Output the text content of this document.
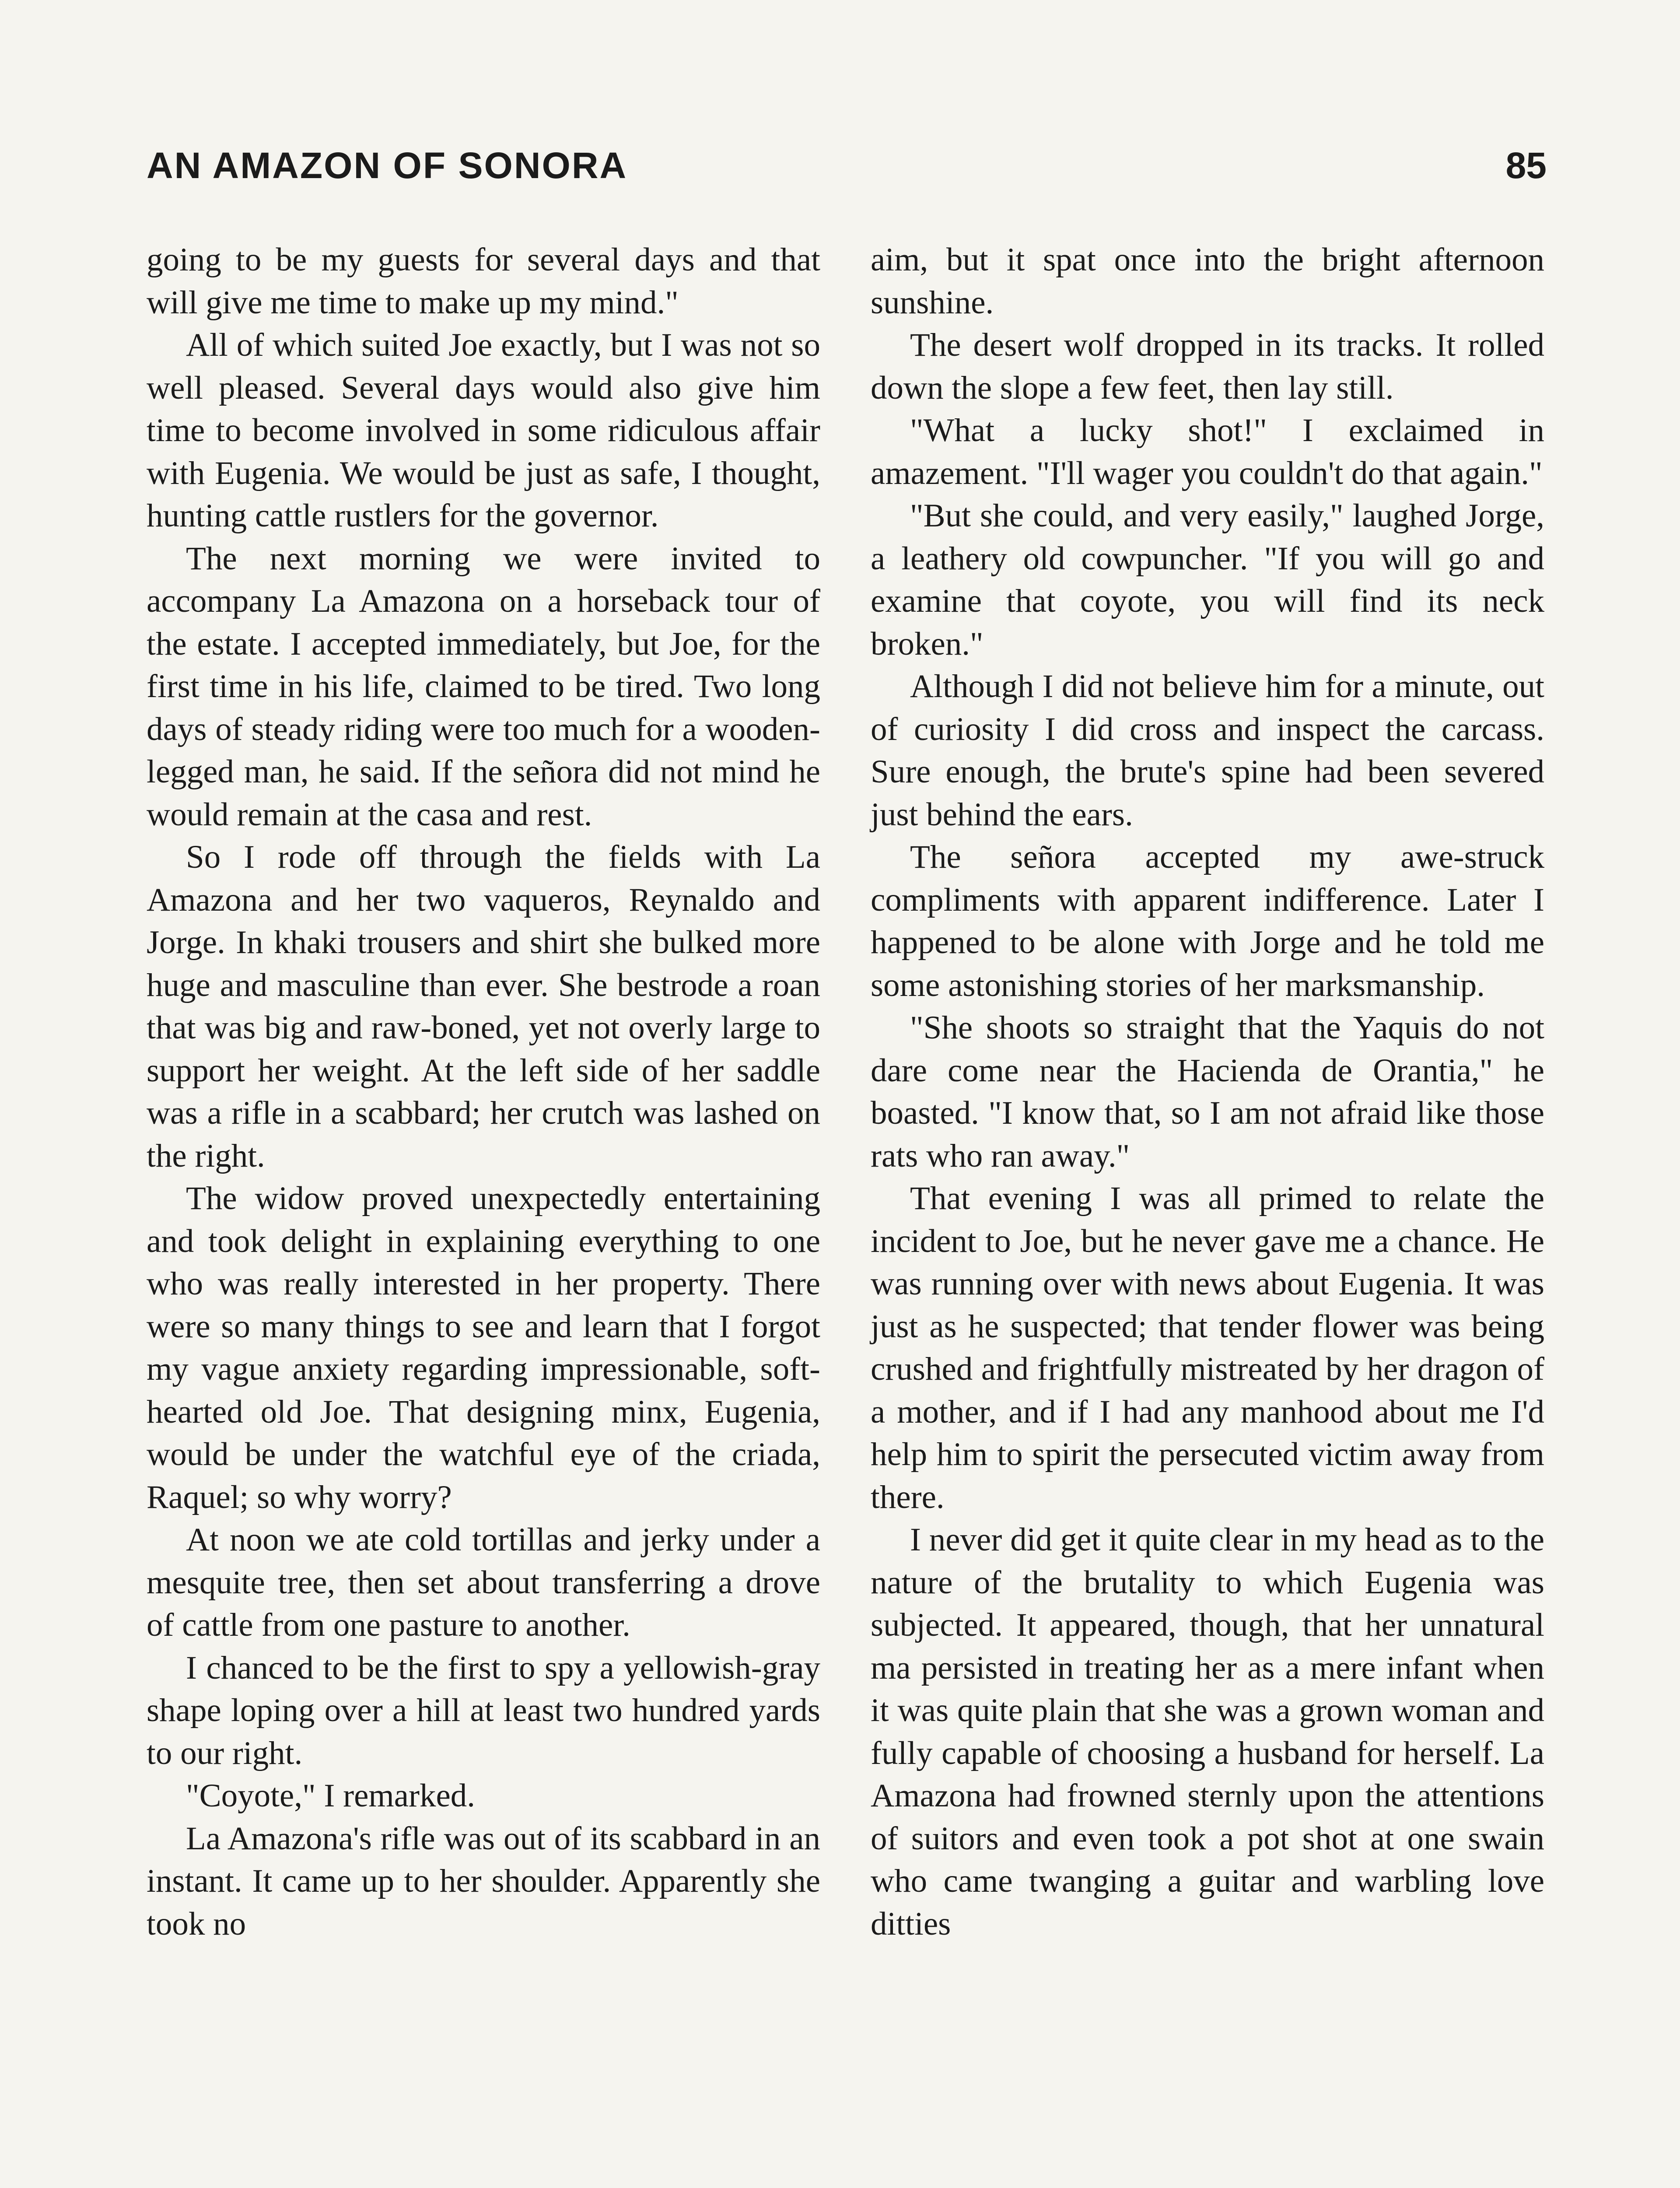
AN AMAZON OF SONORA	85

going to be my guests for several days and that will give me time to make up my mind."

All of which suited Joe exactly, but I was not so well pleased. Several days would also give him time to become involved in some ridiculous affair with Eugenia. We would be just as safe, I thought, hunting cattle rustlers for the governor.

The next morning we were invited to accompany La Amazona on a horseback tour of the estate. I accepted immediately, but Joe, for the first time in his life, claimed to be tired. Two long days of steady riding were too much for a wooden-legged man, he said. If the señora did not mind he would remain at the casa and rest.

So I rode off through the fields with La Amazona and her two vaqueros, Reynaldo and Jorge. In khaki trousers and shirt she bulked more huge and masculine than ever. She bestrode a roan that was big and raw-boned, yet not overly large to support her weight. At the left side of her saddle was a rifle in a scabbard; her crutch was lashed on the right.

The widow proved unexpectedly entertaining and took delight in explaining everything to one who was really interested in her property. There were so many things to see and learn that I forgot my vague anxiety regarding impressionable, soft-hearted old Joe. That designing minx, Eugenia, would be under the watchful eye of the criada, Raquel; so why worry?

At noon we ate cold tortillas and jerky under a mesquite tree, then set about transferring a drove of cattle from one pasture to another.

I chanced to be the first to spy a yellowish-gray shape loping over a hill at least two hundred yards to our right.

"Coyote," I remarked.

La Amazona's rifle was out of its scabbard in an instant. It came up to her shoulder. Apparently she took no

aim, but it spat once into the bright afternoon sunshine.

The desert wolf dropped in its tracks. It rolled down the slope a few feet, then lay still.

"What a lucky shot!" I exclaimed in amazement. "I'll wager you couldn't do that again."

"But she could, and very easily," laughed Jorge, a leathery old cowpuncher. "If you will go and examine that coyote, you will find its neck broken."

Although I did not believe him for a minute, out of curiosity I did cross and inspect the carcass. Sure enough, the brute's spine had been severed just behind the ears.

The señora accepted my awe-struck compliments with apparent indifference. Later I happened to be alone with Jorge and he told me some astonishing stories of her marksmanship.

"She shoots so straight that the Yaquis do not dare come near the Hacienda de Orantia," he boasted. "I know that, so I am not afraid like those rats who ran away."

That evening I was all primed to relate the incident to Joe, but he never gave me a chance. He was running over with news about Eugenia. It was just as he suspected; that tender flower was being crushed and frightfully mistreated by her dragon of a mother, and if I had any manhood about me I'd help him to spirit the persecuted victim away from there.

I never did get it quite clear in my head as to the nature of the brutality to which Eugenia was subjected. It appeared, though, that her unnatural ma persisted in treating her as a mere infant when it was quite plain that she was a grown woman and fully capable of choosing a husband for herself. La Amazona had frowned sternly upon the attentions of suitors and even took a pot shot at one swain who came twanging a guitar and warbling love ditties
